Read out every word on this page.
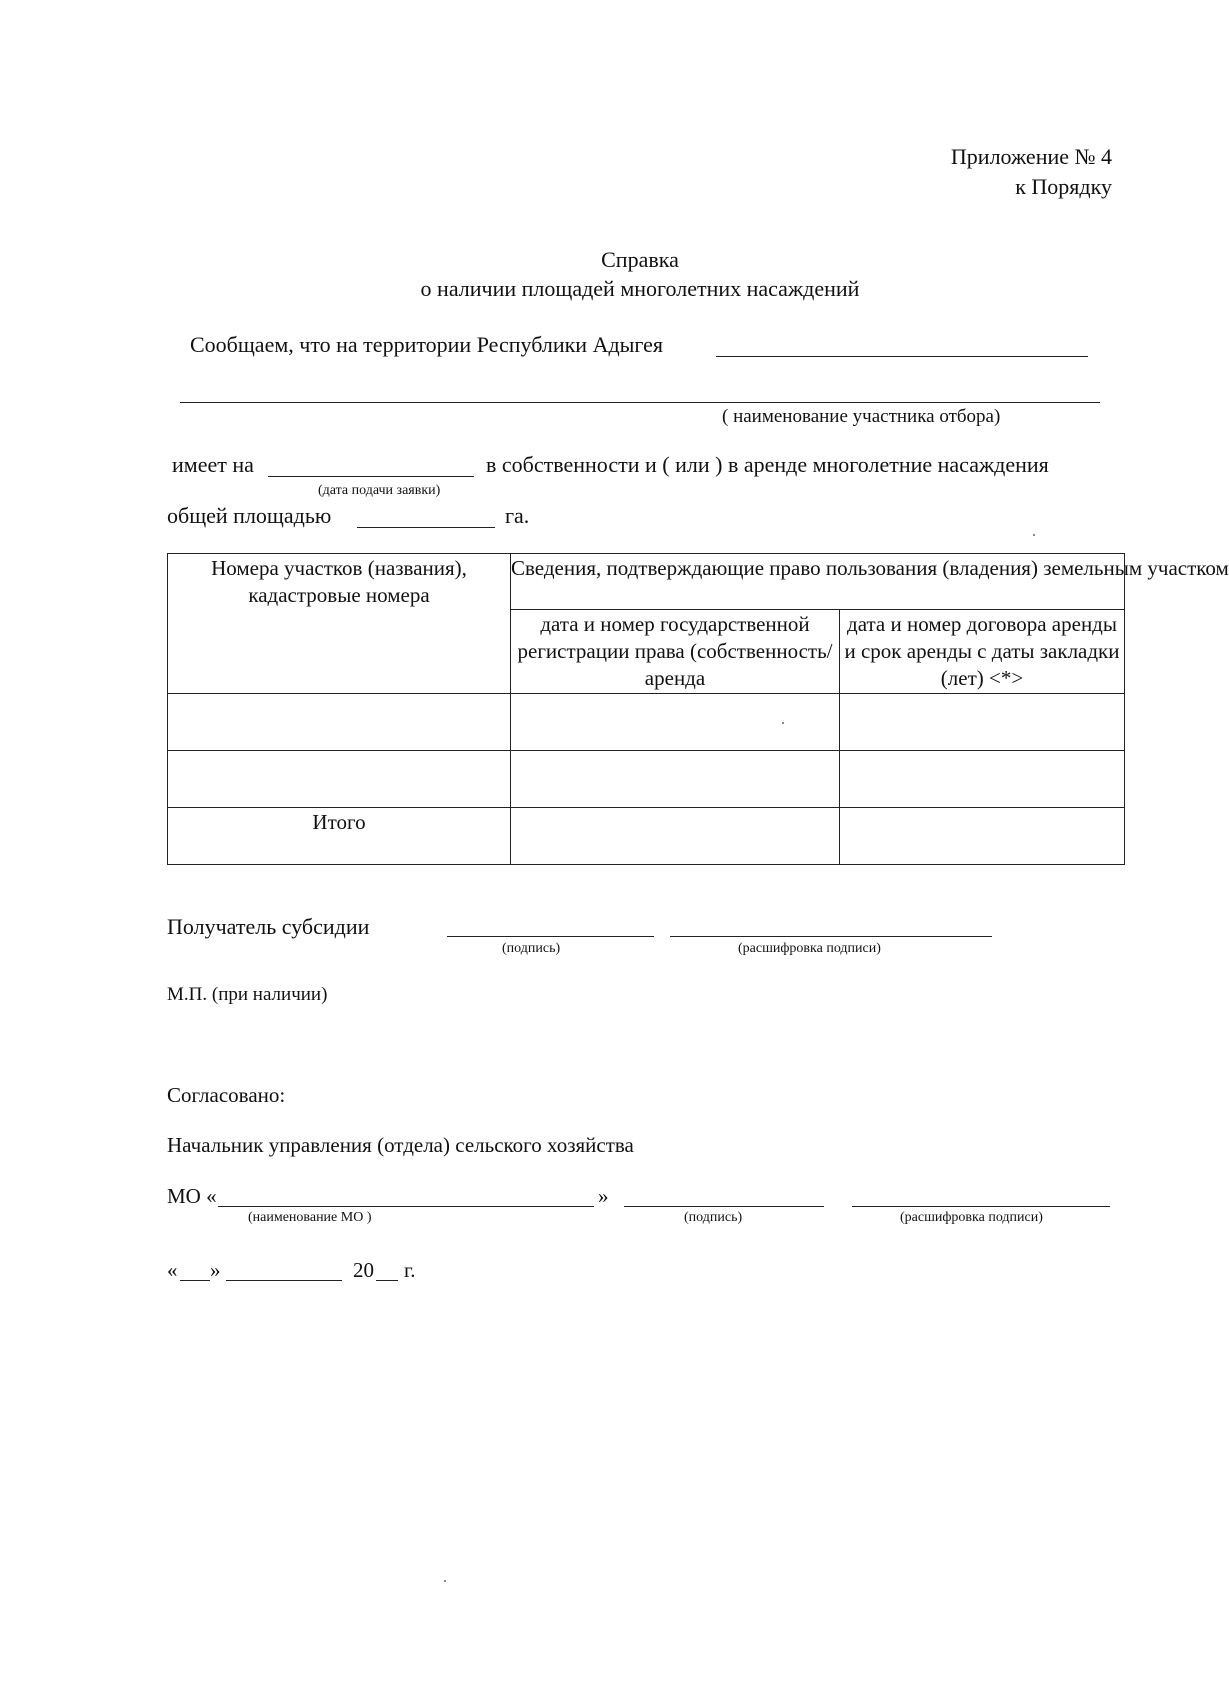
Приложение № 4
к Порядку
Справка
о наличии площадей многолетних насаждений
Сообщаем, что на территории Республики Адыгея
( наименование участника отбора)
имеет на	в собственности и ( или ) в аренде многолетние насаждения
(дата подачи заявки)
общей площадью	га.
Номера участков (названия), кадастровые номера	Сведения, подтверждающие право пользования (владения) земельным участком	
	дата и номер государственной регистрации права (собственность/аренда	дата и номер договора аренды и срок аренды с даты закладки (лет) <*>

Итого		
Получатель субсидии
(подпись)	(расшифровка подписи)
М.П. (при наличии)
Согласовано:
Начальник управления (отдела) сельского хозяйства
МО «	»
(наименование МО )	(подпись)	(расшифровка подписи)
« »	20 г.
